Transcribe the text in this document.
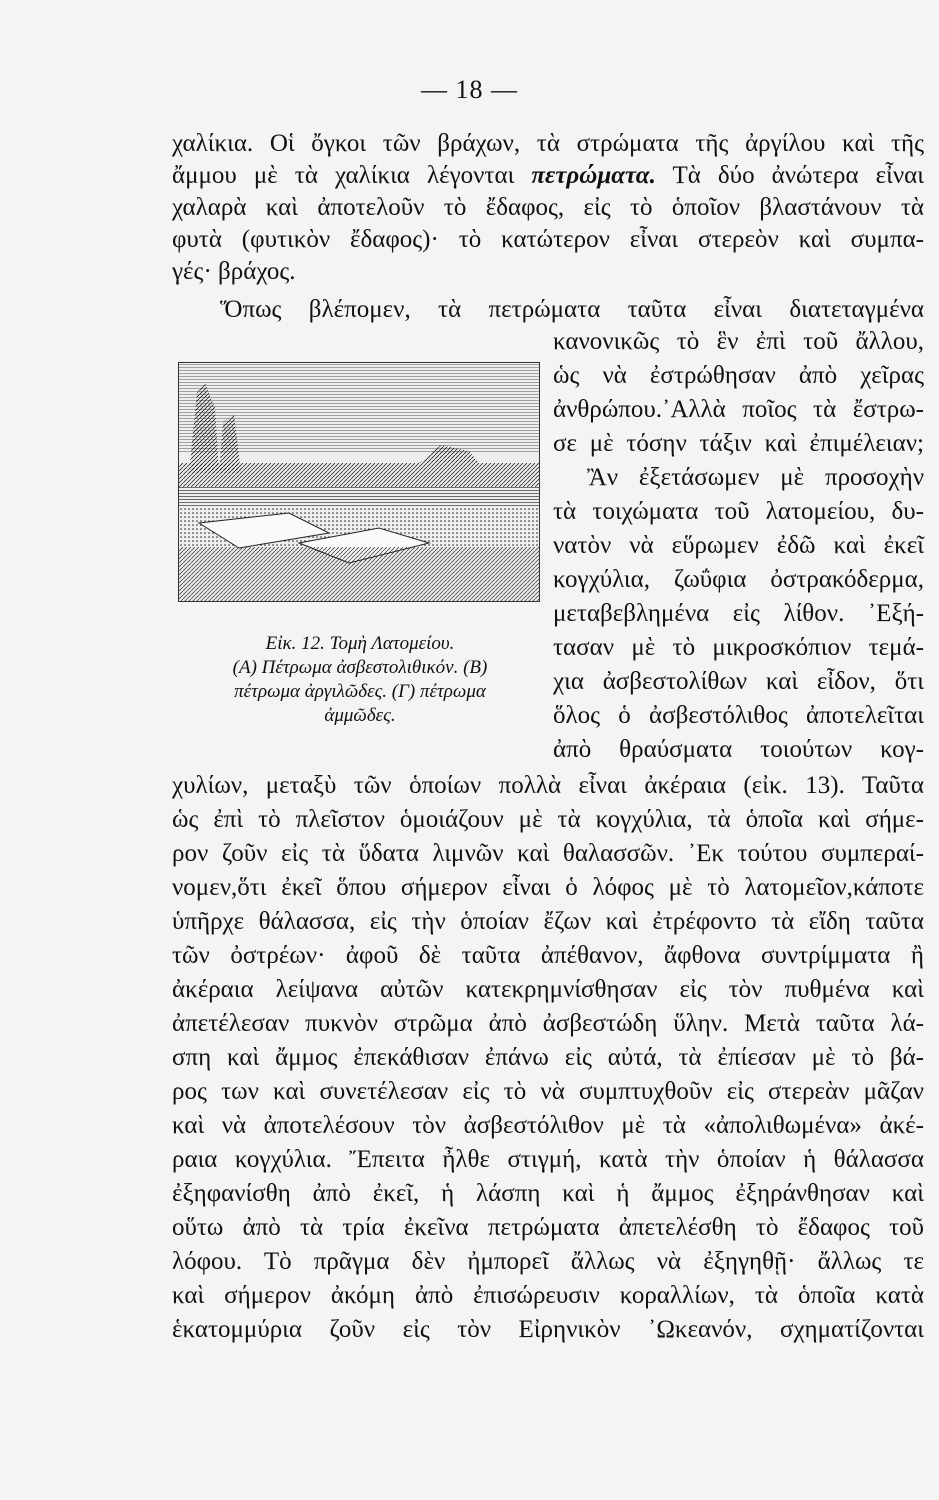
— 18 —
χαλίκια. Οἱ ὄγκοι τῶν βράχων, τὰ στρώματα τῆς ἀργίλου καὶ τῆς
ἄμμου μὲ τὰ χαλίκια λέγονται πετρώματα. Τὰ δύο ἀνώτερα εἶναι
χαλαρὰ καὶ ἀποτελοῦν τὸ ἔδαφος, εἰς τὸ ὁποῖον βλαστάνουν τὰ
φυτὰ (φυτικὸν ἔδαφος)· τὸ κατώτερον εἶναι στερεὸν καὶ συμπα-
γές· βράχος.
Ὅπως βλέπομεν, τὰ πετρώματα ταῦτα εἶναι διατεταγμένα
Εἰκ. 12. Τομὴ Λατομείου.
(Α) Πέτρωμα ἀσβεστολιθικόν. (Β)
πέτρωμα ἀργιλῶδες. (Γ) πέτρωμα
ἀμμῶδες.
κανονικῶς τὸ ἓν ἐπὶ τοῦ ἄλλου,
ὡς νὰ ἐστρώθησαν ἀπὸ χεῖρας
ἀνθρώπου.᾿Αλλὰ ποῖος τὰ ἔστρω-
σε μὲ τόσην τάξιν καὶ ἐπιμέλειαν;
Ἂν ἐξετάσωμεν μὲ προσοχὴν
τὰ τοιχώματα τοῦ λατομείου, δυ-
νατὸν νὰ εὕρωμεν ἐδῶ καὶ ἐκεῖ
κογχύλια, ζωΰφια ὀστρακόδερμα,
μεταβεβλημένα εἰς λίθον. ᾿Εξή-
τασαν μὲ τὸ μικροσκόπιον τεμά-
χια ἀσβεστολίθων καὶ εἶδον, ὅτι
ὅλος ὁ ἀσβεστόλιθος ἀποτελεῖται
ἀπὸ θραύσματα τοιούτων κογ-
χυλίων, μεταξὺ τῶν ὁποίων πολλὰ εἶναι ἀκέραια (εἰκ. 13). Ταῦτα
ὡς ἐπὶ τὸ πλεῖστον ὁμοιάζουν μὲ τὰ κογχύλια, τὰ ὁποῖα καὶ σήμε-
ρον ζοῦν εἰς τὰ ὕδατα λιμνῶν καὶ θαλασσῶν. ᾿Εκ τούτου συμπεραί-
νομεν,ὅτι ἐκεῖ ὅπου σήμερον εἶναι ὁ λόφος μὲ τὸ λατομεῖον,κάποτε
ὑπῆρχε θάλασσα, εἰς τὴν ὁποίαν ἔζων καὶ ἐτρέφοντο τὰ εἴδη ταῦτα
τῶν ὀστρέων· ἀφοῦ δὲ ταῦτα ἀπέθανον, ἄφθονα συντρίμματα ἢ
ἀκέραια λείψανα αὐτῶν κατεκρημνίσθησαν εἰς τὸν πυθμένα καὶ
ἀπετέλεσαν πυκνὸν στρῶμα ἀπὸ ἀσβεστώδη ὕλην. Μετὰ ταῦτα λά-
σπη καὶ ἄμμος ἐπεκάθισαν ἐπάνω εἰς αὐτά, τὰ ἐπίεσαν μὲ τὸ βά-
ρος των καὶ συνετέλεσαν εἰς τὸ νὰ συμπτυχθοῦν εἰς στερεὰν μᾶζαν
καὶ νὰ ἀποτελέσουν τὸν ἀσβεστόλιθον μὲ τὰ «ἀπολιθωμένα» ἀκέ-
ραια κογχύλια. Ἔπειτα ἦλθε στιγμή, κατὰ τὴν ὁποίαν ἡ θάλασσα
ἐξηφανίσθη ἀπὸ ἐκεῖ, ἡ λάσπη καὶ ἡ ἄμμος ἐξηράνθησαν καὶ
οὕτω ἀπὸ τὰ τρία ἐκεῖνα πετρώματα ἀπετελέσθη τὸ ἔδαφος τοῦ
λόφου. Τὸ πρᾶγμα δὲν ἠμπορεῖ ἄλλως νὰ ἐξηγηθῇ· ἄλλως τε
καὶ σήμερον ἀκόμη ἀπὸ ἐπισώρευσιν κοραλλίων, τὰ ὁποῖα κατὰ
ἑκατομμύρια ζοῦν εἰς τὸν Εἰρηνικὸν ᾿Ωκεανόν, σχηματίζονται
